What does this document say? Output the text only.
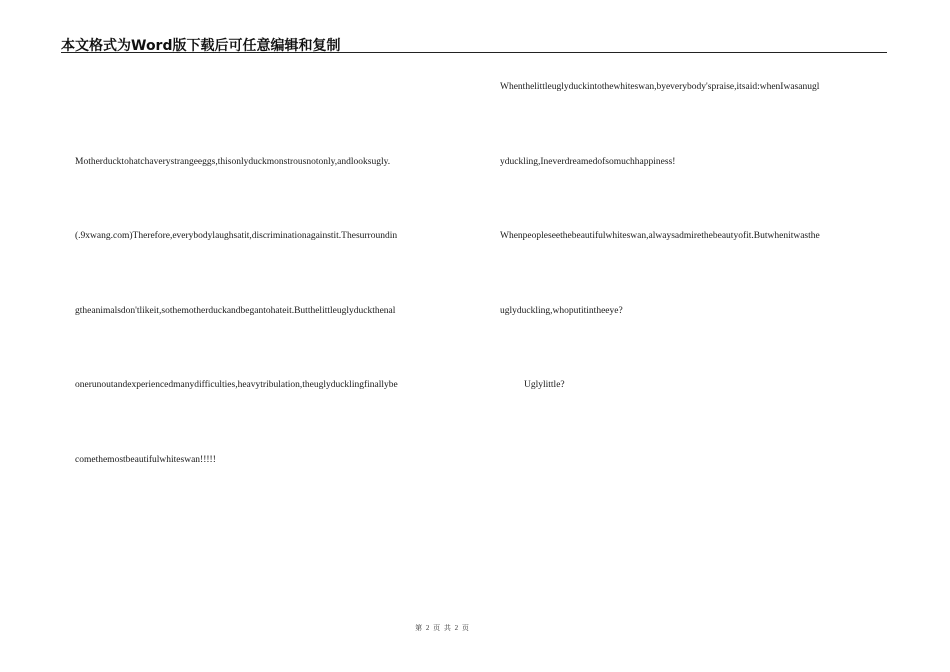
本文格式为Word版下载后可任意编辑和复制
Motherducktohatchaverystrangeeggs,thisonlyduckmonstrousnotonly,andlooksugly.
(.9xwang.com)Therefore,everybodylaughsatit,discriminationagainstit.Thesurroundin
gtheanimalsdon'tlikeit,sothemotherduckandbegantohateit.Butthelittleuglyduckthenal
onerunoutandexperiencedmanydifficulties,heavytribulation,theuglyducklingfinallybe
comethemostbeautifulwhiteswan!!!!!
Whenthelittleuglyduckintothewhiteswan,byeverybody'spraise,itsaid:whenIwasanugl
yduckling,Ineverdreamedofsomuchhappiness!
Whenpeopleseethebeautifulwhiteswan,alwaysadmirethebeautyofit.Butwhenitwasthe
uglyduckling,whoputitintheeye?
Uglylittle?
第 2 页 共 2 页
